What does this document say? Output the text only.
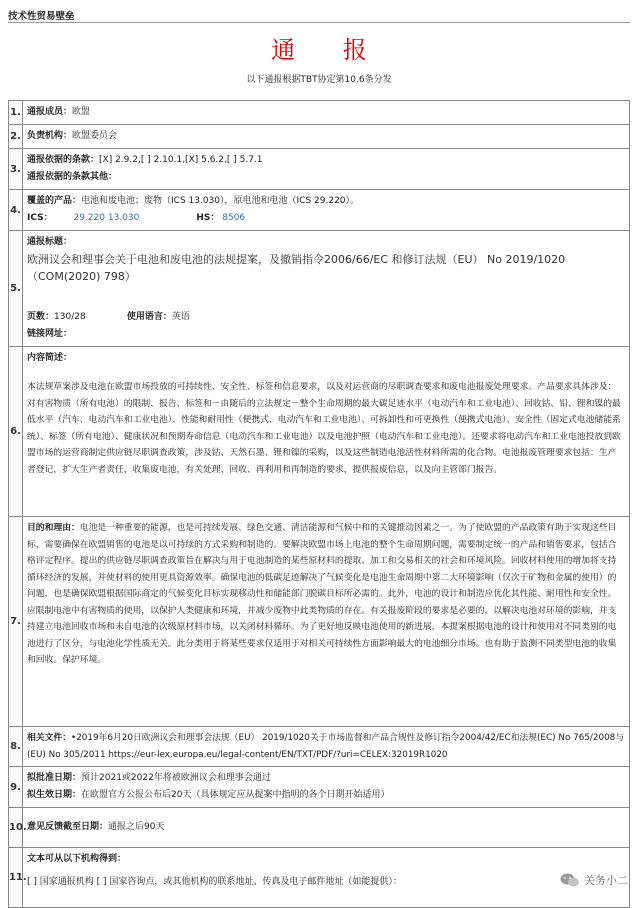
技术性贸易壁垒
通 报
以下通报根据TBT协定第10.6条分发
1.	通报成员：欧盟
2.	负责机构：欧盟委员会
3.	通报依据的条款：[X] 2.9.2,[ ] 2.10.1,[X] 5.6.2,[ ] 5.7.1
通报依据的条款其他：

4.	覆盖的产品：电池和废电池；废物（ICS 13.030），原电池和电池（ICS 29.220）。
ICS： 29.220 13.030 HS： 8506

5.	通报标题：
欧洲议会和理事会关于电池和废电池的法规提案，及撤销指令2006/66/EC 和修订法规（EU） No 2019/1020 （COM(2020) 798）
页数：130/28 使用语言：英语
链接网址：

6.	内容简述：
本法规草案涉及电池在欧盟市场投放的可持续性、安全性、标签和信息要求，以及对运营商的尽职调查要求和废电池报废处理要求。产品要求具体涉及：对有害物质（所有电池）的限制、报告、标签和－由随后的立法规定－整个生命周期的最大碳足迹水平（电动汽车和工业电池）、回收钴、铅、锂和镍的最低水平（汽车、电动汽车和工业电池）、性能和耐用性（便携式、电动汽车和工业电池）、可拆卸性和可更换性（便携式电池）、安全性（固定式电池储能系统）、标签（所有电池）、健康状况和预期寿命信息（电动汽车和工业电池）以及电池护照（电动汽车和工业电池）。还要求将电动汽车和工业电池投放到欧盟市场的运营商制定供应链尽职调查政策，涉及钴、天然石墨、锂和镍的采购，以及这些制造电池活性材料所需的化合物。电池报废管理要求包括：生产者登记，扩大生产者责任，收集废电池，有关处理、回收、再利用和再制造的要求，提供报废信息，以及向主管部门报告。

7.	目的和理由：电池是一种重要的能源，也是可持续发展、绿色交通、清洁能源和气候中和的关键推动因素之一。为了使欧盟的产品政策有助于实现这些目标，需要确保在欧盟销售的电池是以可持续的方式采购和制造的。要解决欧盟市场上电池的整个生命周期问题，需要制定统一的产品和销售要求，包括合格评定程序。提出的供应链尽职调查政策旨在解决与用于电池制造的某些原材料的提取、加工和交易相关的社会和环境风险。回收材料使用的增加将支持循环经济的发展，并使材料的使用更具资源效率。确保电池的低碳足迹解决了气候变化是电池生命周期中第二大环境影响（仅次于矿物和金属的使用）的问题，也是确保欧盟根据国际商定的气候变化目标实现移动性和储能部门脱碳目标所必需的。此外，电池的设计和制造应优化其性能、耐用性和安全性。应限制电池中有害物质的使用，以保护人类健康和环境，并减少废物中此类物质的存在。有关报废阶段的要求是必要的，以解决电池对环境的影响，并支持建立电池回收市场和未自电池的次级原材料市场，以关闭材料循环。为了更好地反映电池使用的新进展，本提案根据电池的设计和使用对不同类别的电池进行了区分，与电池化学性质无关。此分类用于将某些要求仅适用于对相关可持续性方面影响最大的电池细分市场。也有助于监测不同类型电池的收集和回收。保护环境。
8.	相关文件：•2019年6月20日欧洲议会和理事会法规（EU） 2019/1020关于市场监督和产品合规性及修订指令2004/42/EC和法规(EC) No 765/2008与(EU) No 305/2011 https://eur-lex.europa.eu/legal-content/EN/TXT/PDF/?uri=CELEX:32019R1020
9.	拟批准日期：预计2021或2022年将被欧洲议会和理事会通过
拟生效日期：在欧盟官方公报公布后20天（具体规定应从提案中指明的各个日期开始适用）

10.	意见反馈截至日期：通报之后90天
11.	文本可从以下机构得到：
[ ] 国家通报机构 [ ] 国家咨询点，或其他机构的联系地址、传真及电子邮件地址（如能提供）：	关务小二
